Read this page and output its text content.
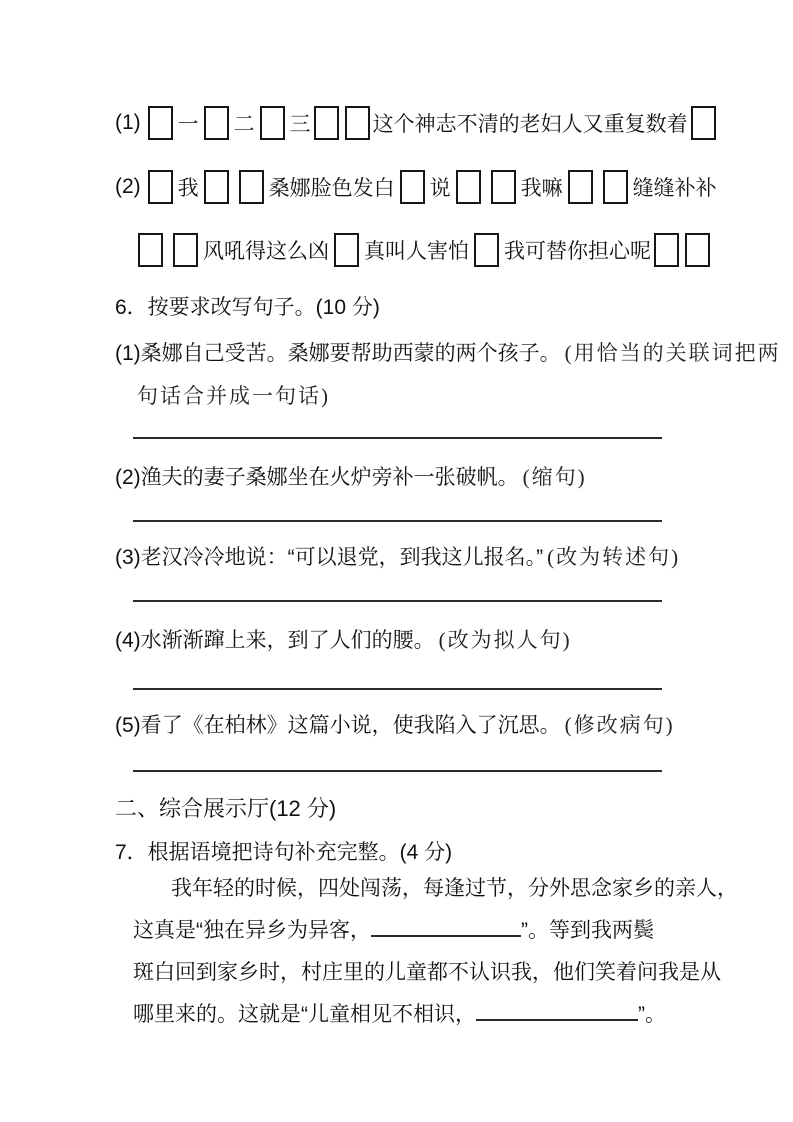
(1) 一 二 三	这个神志不清的老妇人又重复数着
(2) 我	桑娜脸色发白 说	我嘛	缝缝补补
风吼得这么凶 真叫人害怕 我可替你担心呢
6．按要求改写句子。(10 分)
(1)桑娜自己受苦。桑娜要帮助西蒙的两个孩子。 (用恰当的关联词把两
句话合并成一句话)
(2)渔夫的妻子桑娜坐在火炉旁补一张破帆。 (缩句)
(3)老汉冷冷地说：“可以退党，到我这儿报名。” (改为转述句)
(4)水渐渐蹿上来，到了人们的腰。 (改为拟人句)
(5)看了《在柏林》这篇小说，使我陷入了沉思。 (修改病句)
二、综合展示厅(12 分)
7．根据语境把诗句补充完整。(4 分)
我年轻的时候，四处闯荡，每逢过节，分外思念家乡的亲人，
这真是“独在异乡为异客，	”。等到我两鬓
斑白回到家乡时，村庄里的儿童都不认识我，他们笑着问我是从
哪里来的。这就是“儿童相见不相识，	”。
